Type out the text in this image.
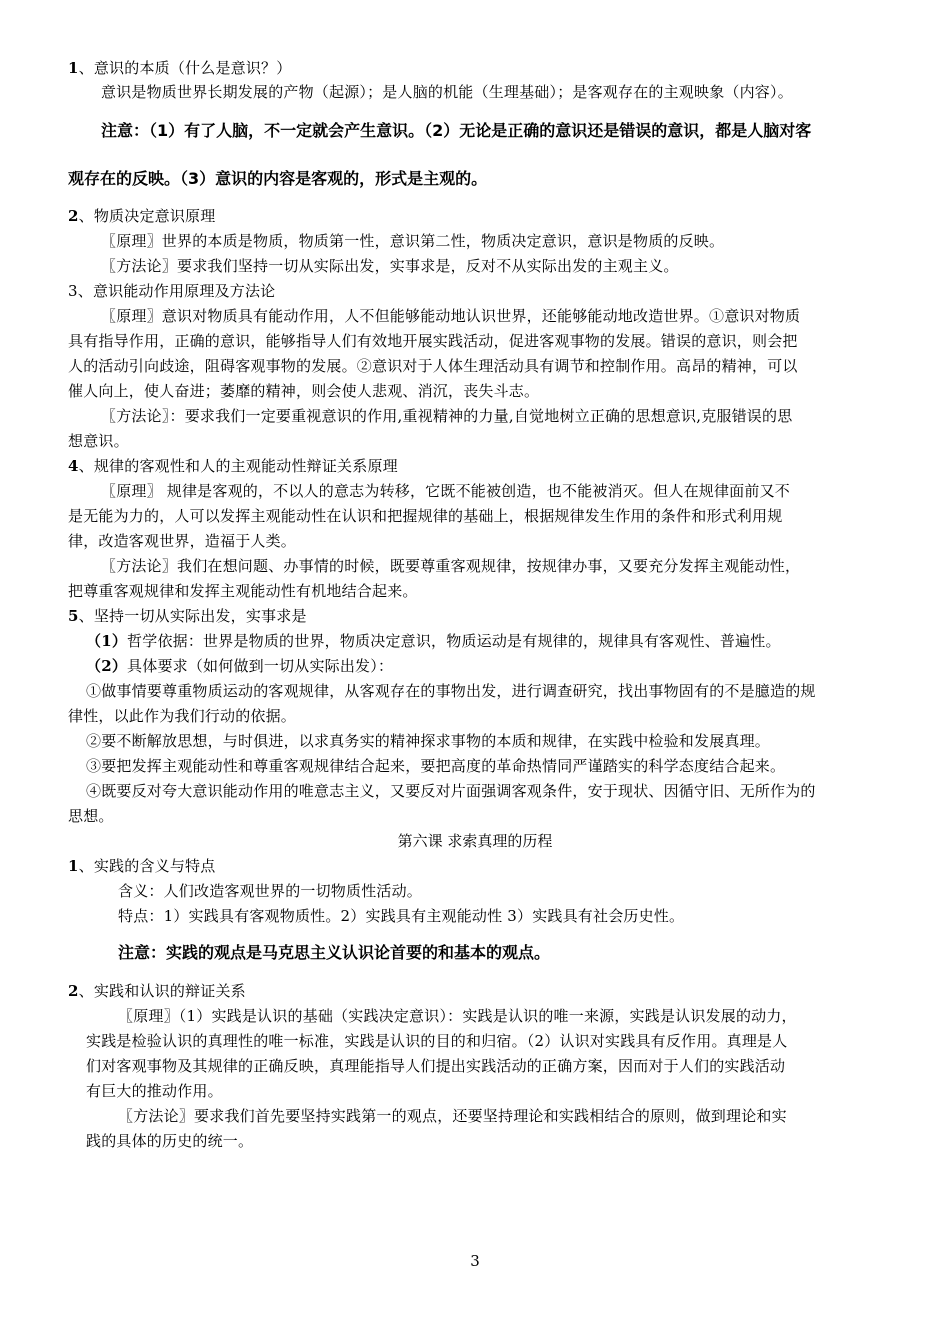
1、意识的本质（什么是意识？）
意识是物质世界长期发展的产物（起源）；是人脑的机能（生理基础）；是客观存在的主观映象（内容）。
注意：（1）有了人脑，不一定就会产生意识。（2）无论是正确的意识还是错误的意识，都是人脑对客
观存在的反映。（3）意识的内容是客观的，形式是主观的。
2、物质决定意识原理
〖原理〗世界的本质是物质，物质第一性，意识第二性，物质决定意识，意识是物质的反映。
〖方法论〗要求我们坚持一切从实际出发，实事求是，反对不从实际出发的主观主义。
3、意识能动作用原理及方法论
〖原理〗意识对物质具有能动作用，人不但能够能动地认识世界，还能够能动地改造世界。①意识对物质
具有指导作用，正确的意识，能够指导人们有效地开展实践活动，促进客观事物的发展。错误的意识，则会把
人的活动引向歧途，阻碍客观事物的发展。②意识对于人体生理活动具有调节和控制作用。高昂的精神，可以
催人向上，使人奋进；萎靡的精神，则会使人悲观、消沉，丧失斗志。
〖方法论〗：要求我们一定要重视意识的作用,重视精神的力量,自觉地树立正确的思想意识,克服错误的思
想意识。
4、规律的客观性和人的主观能动性辩证关系原理
〖原理〗 规律是客观的，不以人的意志为转移，它既不能被创造，也不能被消灭。但人在规律面前又不
是无能为力的，人可以发挥主观能动性在认识和把握规律的基础上，根据规律发生作用的条件和形式利用规
律，改造客观世界，造福于人类。
〖方法论〗我们在想问题、办事情的时候，既要尊重客观规律，按规律办事，又要充分发挥主观能动性，
把尊重客观规律和发挥主观能动性有机地结合起来。
5、坚持一切从实际出发，实事求是
（1）哲学依据：世界是物质的世界，物质决定意识，物质运动是有规律的，规律具有客观性、普遍性。
（2）具体要求（如何做到一切从实际出发）：
①做事情要尊重物质运动的客观规律，从客观存在的事物出发，进行调查研究，找出事物固有的不是臆造的规
律性，以此作为我们行动的依据。
②要不断解放思想，与时俱进，以求真务实的精神探求事物的本质和规律，在实践中检验和发展真理。
③要把发挥主观能动性和尊重客观规律结合起来，要把高度的革命热情同严谨踏实的科学态度结合起来。
④既要反对夸大意识能动作用的唯意志主义，又要反对片面强调客观条件，安于现状、因循守旧、无所作为的
思想。
第六课 求索真理的历程
1、实践的含义与特点
含义：人们改造客观世界的一切物质性活动。
特点：1）实践具有客观物质性。2）实践具有主观能动性 3）实践具有社会历史性。
注意：实践的观点是马克思主义认识论首要的和基本的观点。
2、实践和认识的辩证关系
〖原理〗（1）实践是认识的基础（实践决定意识）：实践是认识的唯一来源，实践是认识发展的动力，
实践是检验认识的真理性的唯一标准，实践是认识的目的和归宿。（2）认识对实践具有反作用。真理是人
们对客观事物及其规律的正确反映，真理能指导人们提出实践活动的正确方案，因而对于人们的实践活动
有巨大的推动作用。
〖方法论〗要求我们首先要坚持实践第一的观点，还要坚持理论和实践相结合的原则，做到理论和实
践的具体的历史的统一。
3
